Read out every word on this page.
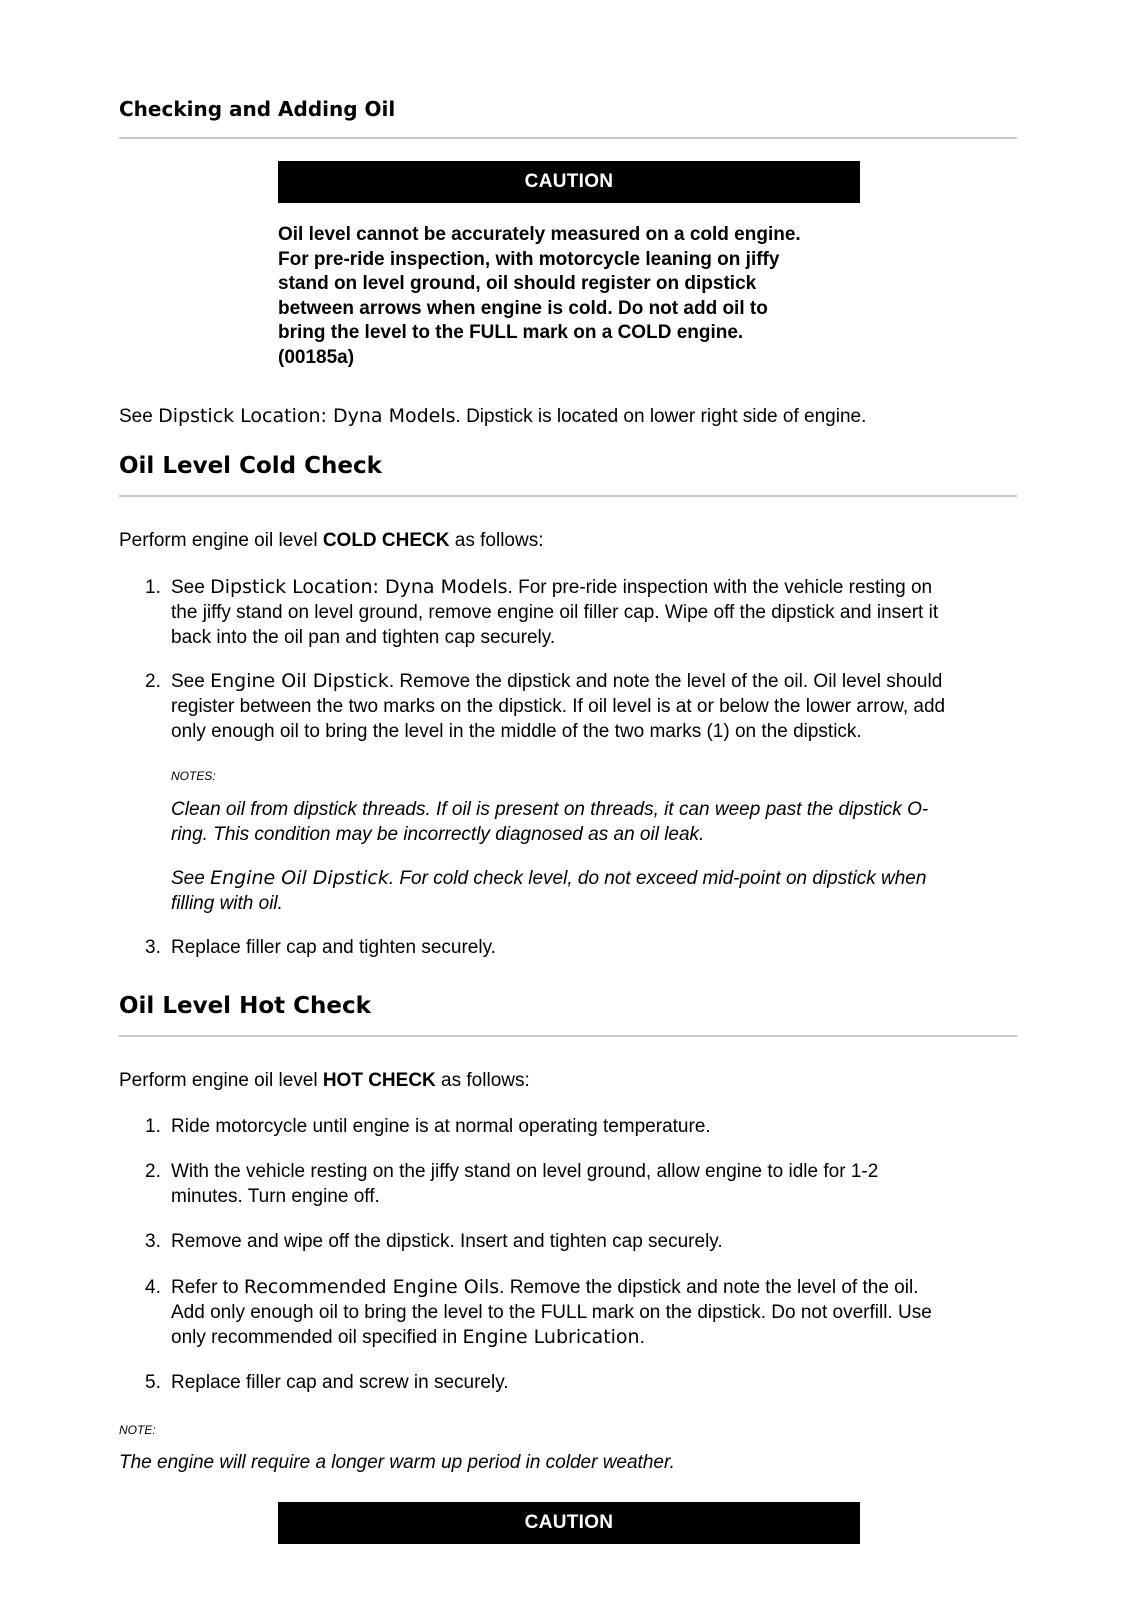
Checking and Adding Oil
CAUTION

Oil level cannot be accurately measured on a cold engine.
For pre-ride inspection, with motorcycle leaning on jiffy
stand on level ground, oil should register on dipstick
between arrows when engine is cold. Do not add oil to
bring the level to the FULL mark on a COLD engine.
(00185a)

See Dipstick Location: Dyna Models. Dipstick is located on lower right side of engine.

Oil Level Cold Check

Perform engine oil level COLD CHECK as follows:

1. See Dipstick Location: Dyna Models. For pre-ride inspection with the vehicle resting on
the jiffy stand on level ground, remove engine oil filler cap. Wipe off the dipstick and insert it
back into the oil pan and tighten cap securely.
2. See Engine Oil Dipstick. Remove the dipstick and note the level of the oil. Oil level should
register between the two marks on the dipstick. If oil level is at or below the lower arrow, add
only enough oil to bring the level in the middle of the two marks (1) on the dipstick.

NOTES:

Clean oil from dipstick threads. If oil is present on threads, it can weep past the dipstick O-
ring. This condition may be incorrectly diagnosed as an oil leak.

See Engine Oil Dipstick. For cold check level, do not exceed mid-point on dipstick when
filling with oil.

3. Replace filler cap and tighten securely.
Oil Level Hot Check

Perform engine oil level HOT CHECK as follows:

1. Ride motorcycle until engine is at normal operating temperature.
2. With the vehicle resting on the jiffy stand on level ground, allow engine to idle for 1-2
minutes. Turn engine off.
3. Remove and wipe off the dipstick. Insert and tighten cap securely.
4. Refer to Recommended Engine Oils. Remove the dipstick and note the level of the oil.
Add only enough oil to bring the level to the FULL mark on the dipstick. Do not overfill. Use
only recommended oil specified in Engine Lubrication.
5. Replace filler cap and screw in securely.

NOTE:

The engine will require a longer warm up period in colder weather.

CAUTION
